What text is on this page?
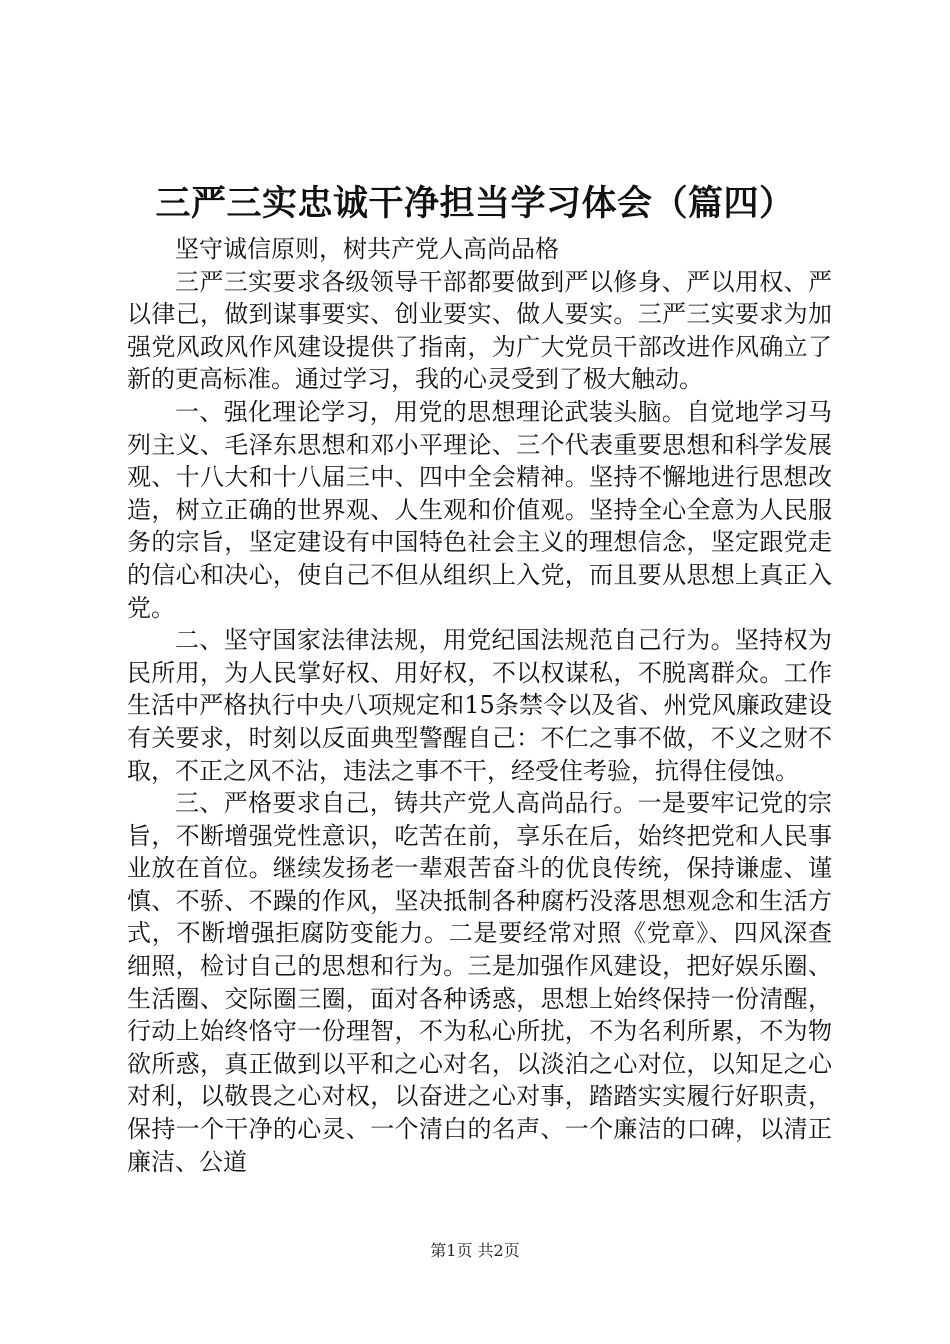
三严三实忠诚干净担当学习体会（篇四）

坚守诚信原则，树共产党人高尚品格

三严三实要求各级领导干部都要做到严以修身、严以用权、严以律己，做到谋事要实、创业要实、做人要实。三严三实要求为加强党风政风作风建设提供了指南，为广大党员干部改进作风确立了新的更高标准。通过学习，我的心灵受到了极大触动。

一、强化理论学习，用党的思想理论武装头脑。自觉地学习马列主义、毛泽东思想和邓小平理论、三个代表重要思想和科学发展观、十八大和十八届三中、四中全会精神。坚持不懈地进行思想改造，树立正确的世界观、人生观和价值观。坚持全心全意为人民服务的宗旨，坚定建设有中国特色社会主义的理想信念，坚定跟党走的信心和决心，使自己不但从组织上入党，而且要从思想上真正入党。

二、坚守国家法律法规，用党纪国法规范自己行为。坚持权为民所用，为人民掌好权、用好权，不以权谋私，不脱离群众。工作生活中严格执行中央八项规定和15条禁令以及省、州党风廉政建设有关要求，时刻以反面典型警醒自己：不仁之事不做，不义之财不取，不正之风不沾，违法之事不干，经受住考验，抗得住侵蚀。

三、严格要求自己，铸共产党人高尚品行。一是要牢记党的宗旨，不断增强党性意识，吃苦在前，享乐在后，始终把党和人民事业放在首位。继续发扬老一辈艰苦奋斗的优良传统，保持谦虚、谨慎、不骄、不躁的作风，坚决抵制各种腐朽没落思想观念和生活方式，不断增强拒腐防变能力。二是要经常对照《党章》、四风深查细照，检讨自己的思想和行为。三是加强作风建设，把好娱乐圈、生活圈、交际圈三圈，面对各种诱惑，思想上始终保持一份清醒，行动上始终恪守一份理智，不为私心所扰，不为名利所累，不为物欲所惑，真正做到以平和之心对名，以淡泊之心对位，以知足之心对利，以敬畏之心对权，以奋进之心对事，踏踏实实履行好职责，保持一个干净的心灵、一个清白的名声、一个廉洁的口碑，以清正廉洁、公道

第1页 共2页
